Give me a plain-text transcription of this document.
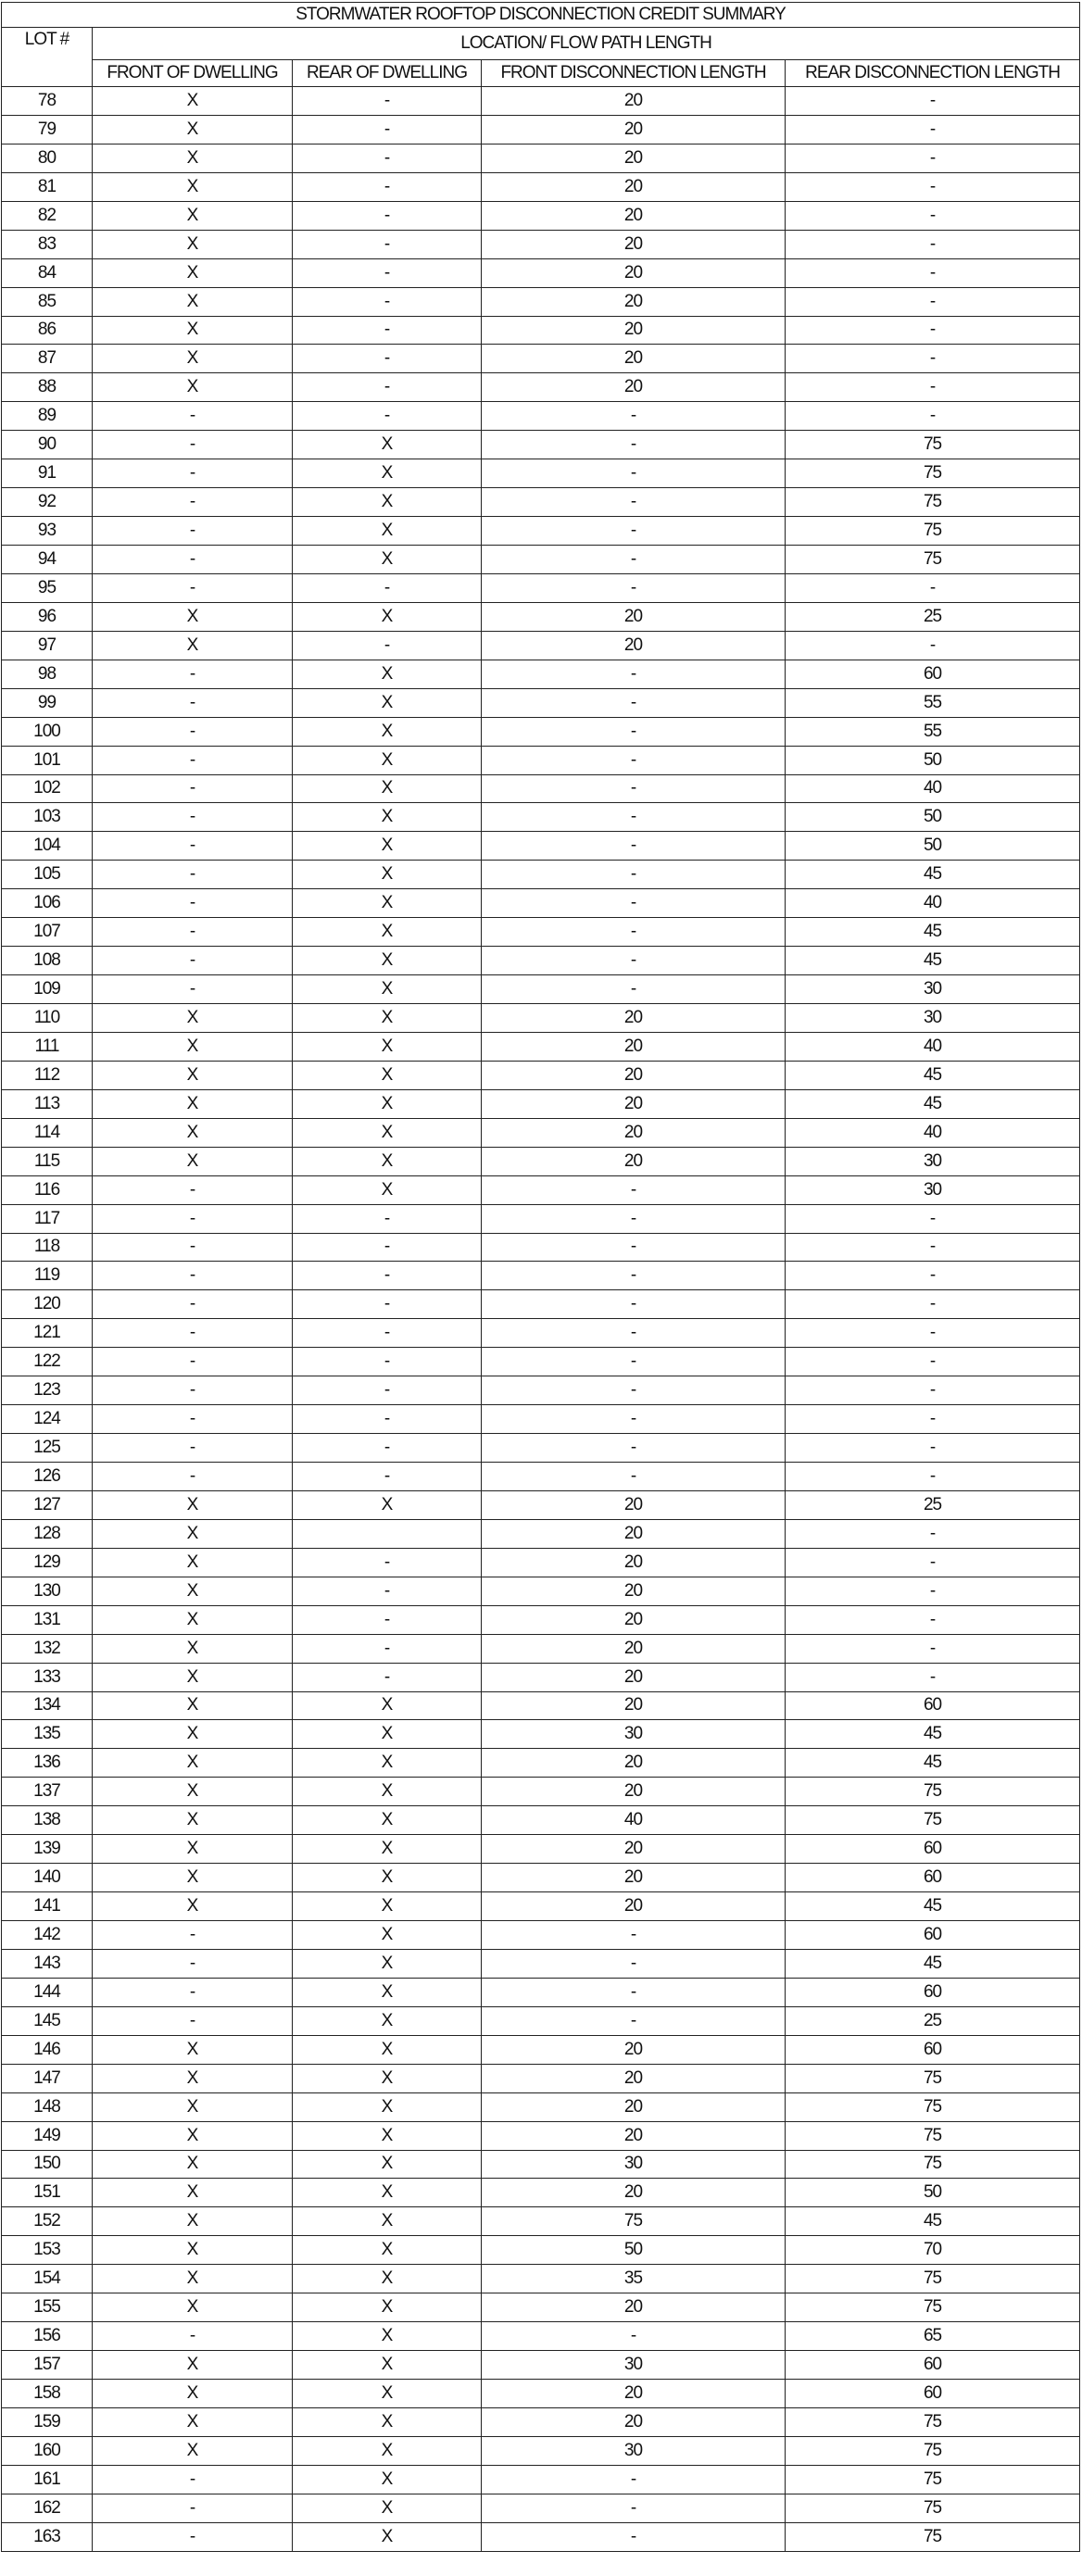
STORMWATER ROOFTOP DISCONNECTION CREDIT SUMMARY				
LOT #	LOCATION/ FLOW PATH LENGTH			
	FRONT OF DWELLING	REAR OF DWELLING	FRONT DISCONNECTION LENGTH	REAR DISCONNECTION LENGTH
78	X	-	20	-
79	X	-	20	-
80	X	-	20	-
81	X	-	20	-
82	X	-	20	-
83	X	-	20	-
84	X	-	20	-
85	X	-	20	-
86	X	-	20	-
87	X	-	20	-
88	X	-	20	-
89	-	-	-	-
90	-	X	-	75
91	-	X	-	75
92	-	X	-	75
93	-	X	-	75
94	-	X	-	75
95	-	-	-	-
96	X	X	20	25
97	X	-	20	-
98	-	X	-	60
99	-	X	-	55
100	-	X	-	55
101	-	X	-	50
102	-	X	-	40
103	-	X	-	50
104	-	X	-	50
105	-	X	-	45
106	-	X	-	40
107	-	X	-	45
108	-	X	-	45
109	-	X	-	30
110	X	X	20	30
111	X	X	20	40
112	X	X	20	45
113	X	X	20	45
114	X	X	20	40
115	X	X	20	30
116	-	X	-	30
117	-	-	-	-
118	-	-	-	-
119	-	-	-	-
120	-	-	-	-
121	-	-	-	-
122	-	-	-	-
123	-	-	-	-
124	-	-	-	-
125	-	-	-	-
126	-	-	-	-
127	X	X	20	25
128	X		20	-
129	X	-	20	-
130	X	-	20	-
131	X	-	20	-
132	X	-	20	-
133	X	-	20	-
134	X	X	20	60
135	X	X	30	45
136	X	X	20	45
137	X	X	20	75
138	X	X	40	75
139	X	X	20	60
140	X	X	20	60
141	X	X	20	45
142	-	X	-	60
143	-	X	-	45
144	-	X	-	60
145	-	X	-	25
146	X	X	20	60
147	X	X	20	75
148	X	X	20	75
149	X	X	20	75
150	X	X	30	75
151	X	X	20	50
152	X	X	75	45
153	X	X	50	70
154	X	X	35	75
155	X	X	20	75
156	-	X	-	65
157	X	X	30	60
158	X	X	20	60
159	X	X	20	75
160	X	X	30	75
161	-	X	-	75
162	-	X	-	75
163	-	X	-	75
